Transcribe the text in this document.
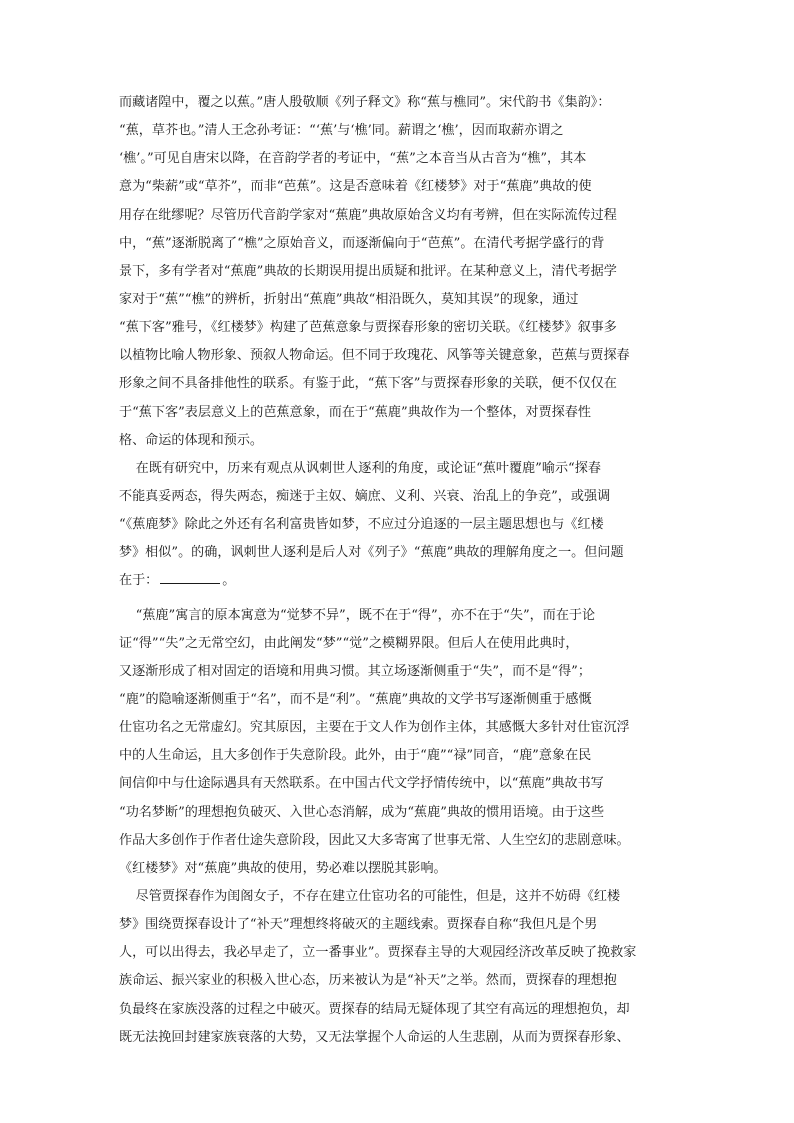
而藏诸隍中，覆之以蕉。”唐人殷敬顺《列子释文》称“蕉与樵同”。宋代韵书《集韵》：
“蕉，草芥也。”清人王念孙考证：“‘蕉’与‘樵’同。薪谓之‘樵’，因而取薪亦谓之
‘樵’。”可见自唐宋以降，在音韵学者的考证中，“蕉”之本音当从古音为“樵”，其本
意为“柴薪”或“草芥”，而非“芭蕉”。这是否意味着《红楼梦》对于“蕉鹿”典故的使
用存在纰缪呢？尽管历代音韵学家对“蕉鹿”典故原始含义均有考辨，但在实际流传过程
中，“蕉”逐渐脱离了“樵”之原始音义，而逐渐偏向于“芭蕉”。在清代考据学盛行的背
景下，多有学者对“蕉鹿”典故的长期误用提出质疑和批评。在某种意义上，清代考据学
家对于“蕉”“樵”的辨析，折射出“蕉鹿”典故“相沿既久，莫知其误”的现象，通过
“蕉下客”雅号，《红楼梦》构建了芭蕉意象与贾探春形象的密切关联。《红楼梦》叙事多
以植物比喻人物形象、预叙人物命运。但不同于玫瑰花、风筝等关键意象，芭蕉与贾探春
形象之间不具备排他性的联系。有鉴于此，“蕉下客”与贾探春形象的关联，便不仅仅在
于“蕉下客”表层意义上的芭蕉意象，而在于“蕉鹿”典故作为一个整体，对贾探春性
格、命运的体现和预示。
在既有研究中，历来有观点从讽刺世人逐利的角度，或论证“蕉叶覆鹿”喻示“探春
不能真妥两态，得失两态，痴迷于主奴、嫡庶、义利、兴衰、治乱上的争竞”，或强调
“《蕉鹿梦》除此之外还有名利富贵皆如梦，不应过分追逐的一层主题思想也与《红楼
梦》相似”。的确，讽刺世人逐利是后人对《列子》“蕉鹿”典故的理解角度之一。但问题
在于：	。
“蕉鹿”寓言的原本寓意为“觉梦不异”，既不在于“得”，亦不在于“失”，而在于论
证“得”“失”之无常空幻，由此阐发“梦”“觉”之模糊界限。但后人在使用此典时，
又逐渐形成了相对固定的语境和用典习惯。其立场逐渐侧重于“失”，而不是“得”；
“鹿”的隐喻逐渐侧重于“名”，而不是“利”。“蕉鹿”典故的文学书写逐渐侧重于感慨
仕宦功名之无常虚幻。究其原因，主要在于文人作为创作主体，其感慨大多针对仕宦沉浮
中的人生命运，且大多创作于失意阶段。此外，由于“鹿”“禄”同音，“鹿”意象在民
间信仰中与仕途际遇具有天然联系。在中国古代文学抒情传统中，以“蕉鹿”典故书写
“功名梦断”的理想抱负破灭、入世心态消解，成为“蕉鹿”典故的惯用语境。由于这些
作品大多创作于作者仕途失意阶段，因此又大多寄寓了世事无常、人生空幻的悲剧意味。
《红楼梦》对“蕉鹿”典故的使用，势必难以摆脱其影响。
尽管贾探春作为闺阁女子，不存在建立仕宦功名的可能性，但是，这并不妨碍《红楼
梦》围绕贾探春设计了“补天”理想终将破灭的主题线索。贾探春自称“我但凡是个男
人，可以出得去，我必早走了，立一番事业”。贾探春主导的大观园经济改革反映了挽救家
族命运、振兴家业的积极入世心态，历来被认为是“补天”之举。然而，贾探春的理想抱
负最终在家族没落的过程之中破灭。贾探春的结局无疑体现了其空有高远的理想抱负，却
既无法挽回封建家族衰落的大势，又无法掌握个人命运的人生悲剧，从而为贾探春形象、
